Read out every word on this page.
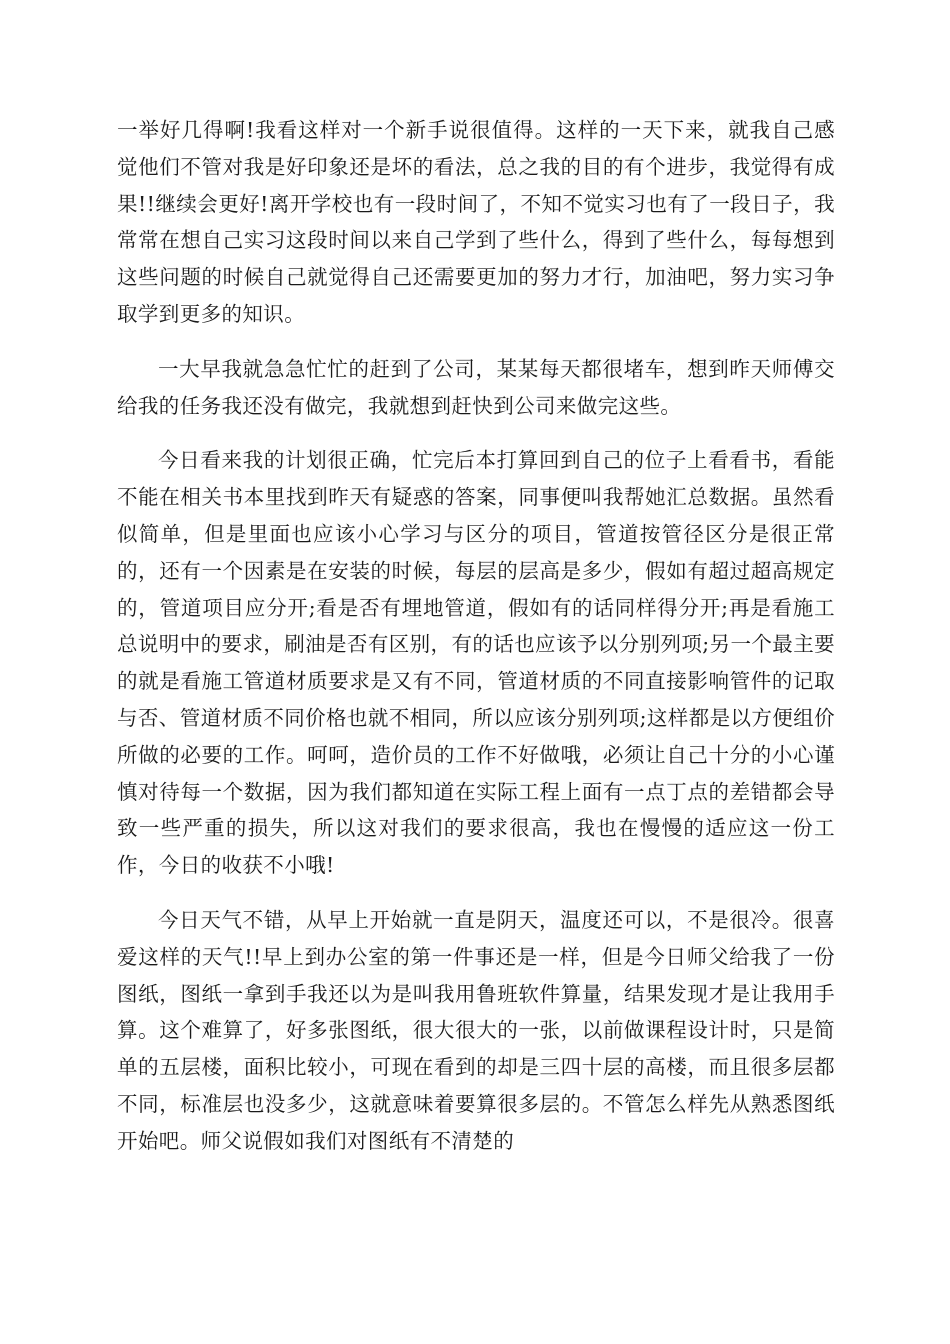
一举好几得啊!我看这样对一个新手说很值得。这样的一天下来，就我自己感觉他们不管对我是好印象还是坏的看法，总之我的目的有个进步，我觉得有成果!!继续会更好!离开学校也有一段时间了，不知不觉实习也有了一段日子，我常常在想自己实习这段时间以来自己学到了些什么，得到了些什么，每每想到这些问题的时候自己就觉得自己还需要更加的努力才行，加油吧，努力实习争取学到更多的知识。

一大早我就急急忙忙的赶到了公司，某某每天都很堵车，想到昨天师傅交给我的任务我还没有做完，我就想到赶快到公司来做完这些。

今日看来我的计划很正确，忙完后本打算回到自己的位子上看看书，看能不能在相关书本里找到昨天有疑惑的答案，同事便叫我帮她汇总数据。虽然看似简单，但是里面也应该小心学习与区分的项目，管道按管径区分是很正常的，还有一个因素是在安装的时候，每层的层高是多少，假如有超过超高规定的，管道项目应分开;看是否有埋地管道，假如有的话同样得分开;再是看施工总说明中的要求，刷油是否有区别，有的话也应该予以分别列项;另一个最主要的就是看施工管道材质要求是又有不同，管道材质的不同直接影响管件的记取与否、管道材质不同价格也就不相同，所以应该分别列项;这样都是以方便组价所做的必要的工作。呵呵，造价员的工作不好做哦，必须让自己十分的小心谨慎对待每一个数据，因为我们都知道在实际工程上面有一点丁点的差错都会导致一些严重的损失，所以这对我们的要求很高，我也在慢慢的适应这一份工作，今日的收获不小哦!

今日天气不错，从早上开始就一直是阴天，温度还可以，不是很冷。很喜爱这样的天气!!早上到办公室的第一件事还是一样，但是今日师父给我了一份图纸，图纸一拿到手我还以为是叫我用鲁班软件算量，结果发现才是让我用手算。这个难算了，好多张图纸，很大很大的一张，以前做课程设计时，只是简单的五层楼，面积比较小，可现在看到的却是三四十层的高楼，而且很多层都不同，标准层也没多少，这就意味着要算很多层的。不管怎么样先从熟悉图纸开始吧。师父说假如我们对图纸有不清楚的
